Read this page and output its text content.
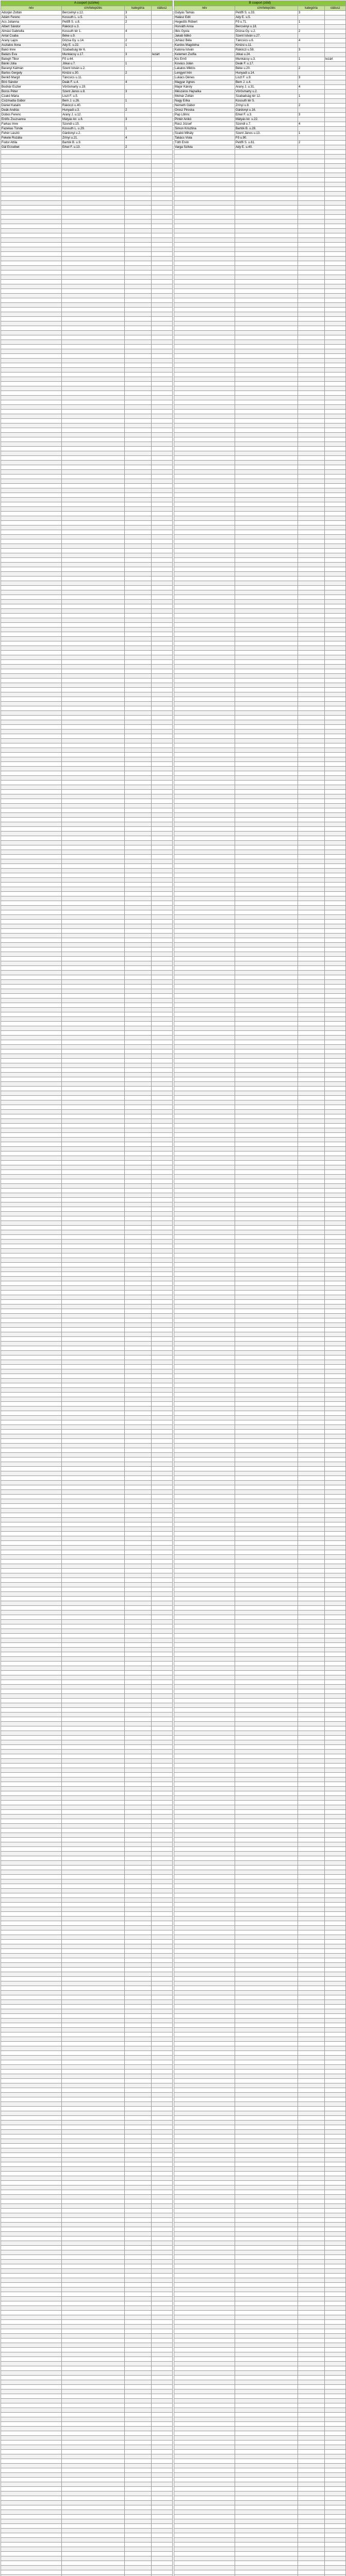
A csoport (szürke)			
név	cím/település	kategória	státusz
Adorján Zoltán	Bercsényi u.12.	3	
Ádám Ferenc	Kossuth L. u.5.	1	
Ács Julianna	Petőfi S. u.8.	2	
Albert Sándor	Rákóczi u.3.		
Almási Gabriella	Kossuth tér 1.	4	
Antal Csaba	Béke u.9.		
Arany Lajos	Dózsa Gy. u.14.	2	
Asztalos Ilona	Ady E. u.22.	1	
Bakó Imre	Szabadság tér 6.		
Balázs Éva	Munkácsy u.17.	3	lezárt
Balogh Tibor	Fő u.44.		
Bánki Júlia	Jókai u.7.	1	
Baranyi Kálmán	Szent István u.2.		
Bartos Gergely	Kinizsi u.30.	2	
Benkő Margit	Táncsics u.11.		
Bíró Sándor	Deák F. u.4.	4	
Bodnár Eszter	Vörösmarty u.19.		
Boros Péter	Szent János u.8.	3	
Czakó Mária	Liszt F. u.5.		
Csizmadia Gábor	Bem J. u.26.	1	
Dániel Katalin	Rákóczi u.40.		
Deák András	Hunyadi u.3.	2	
Dobos Ferenc	Arany J. u.12.		
Erdős Zsuzsanna	Mátyás kir. u.6.	3	
Farkas Imre	Szondi u.15.		
Fazekas Tünde	Kossuth L. u.29.	1	
Fehér László	Gárdonyi u.2.		
Fekete Rozália	Zrínyi u.21.	4	
Fodor Attila	Bartók B. u.9.		
Gál Erzsébet	Erkel F. u.13.	2	

B csoport (zöld)			
név	cím/település	kategória	státusz
Gulyás Tamás	Petőfi S. u.33.	3	
Halász Edit	Ady E. u.5.		
Hegedűs Róbert	Fő u.71.	1	
Horváth Anna	Bercsényi u.18.		
Illés Gyula	Dózsa Gy. u.2.	2	
Jakab Ildikó	Szent István u.27.		
Juhász Béla	Táncsics u.6.	4	
Kardos Magdolna	Kinizsi u.11.		
Katona István	Rákóczi u.58.	3	
Kelemen Zsófia	Jókai u.24.		
Kis Ernő	Munkácsy u.3.	1	lezárt
Kovács Jolán	Deák F. u.17.		
Lakatos Miklós	Béke u.20.	2	
Lengyel Irén	Hunyadi u.14.		
Lukács Dénes	Liszt F. u.9.	3	
Magyar Ágnes	Bem J. u.4.		
Major Károly	Arany J. u.31.	4	
Mészáros Hajnalka	Vörösmarty u.2.		
Molnár Zoltán	Szabadság tér 12.	1	
Nagy Erika	Kossuth tér 5.		
Németh Gábor	Zrínyi u.8.	2	
Orosz Piroska	Gárdonyi u.16.		
Pap Lőrinc	Erkel F. u.3.	3	
Pintér Anikó	Mátyás kir. u.22.		
Rácz József	Szondi u.7.	4	
Simon Krisztina	Bartók B. u.28.		
Szabó Mihály	Szent János u.13.	1	
Takács Viola	Fő u.90.		
Tóth Ervin	Petőfi S. u.61.	2	
Varga Szilvia	Ady E. u.40.		
